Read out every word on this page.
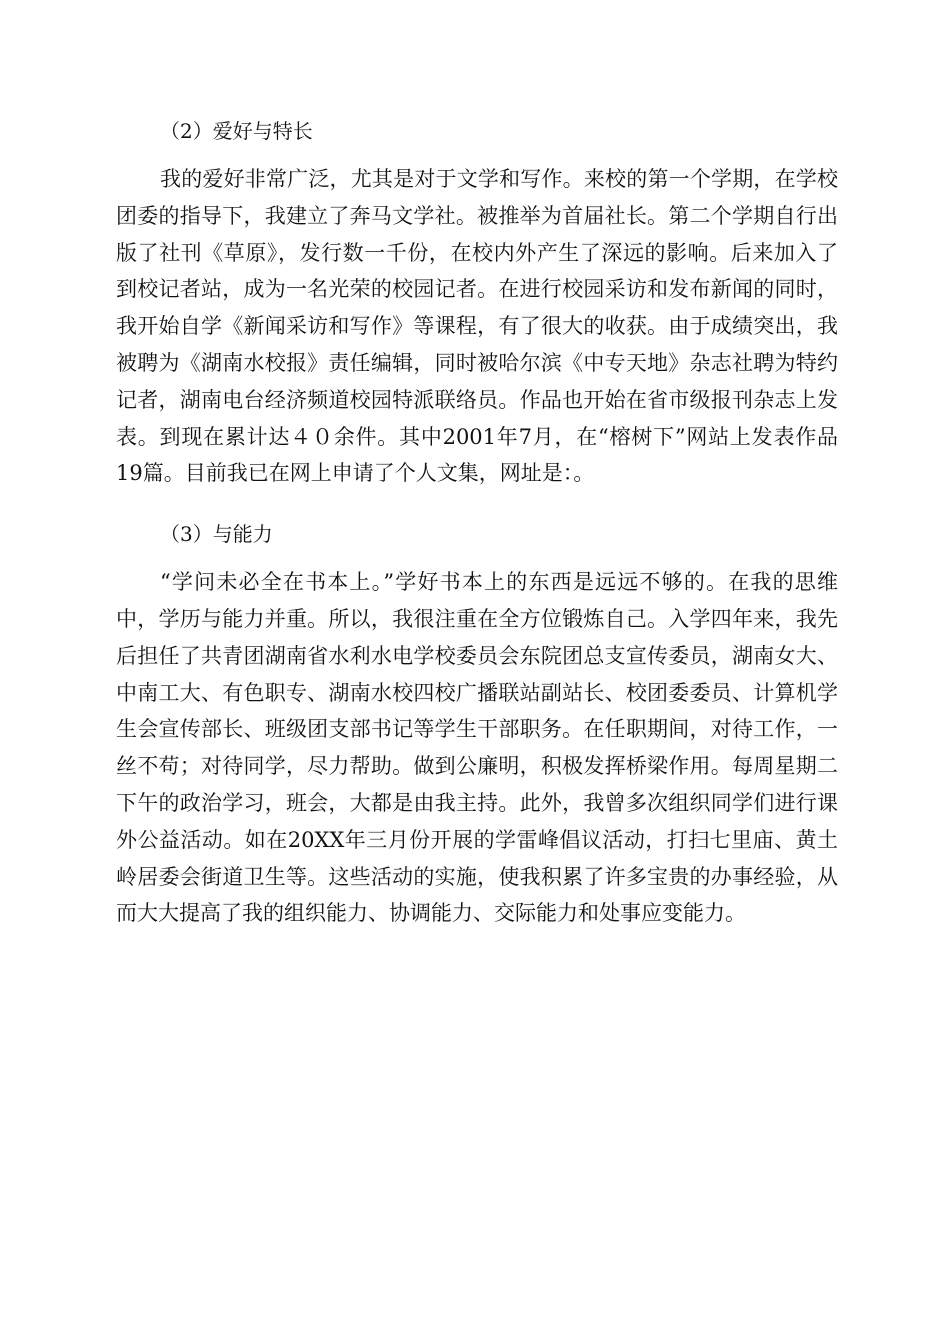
（2）爱好与特长

我的爱好非常广泛，尤其是对于文学和写作。来校的第一个学期，在学校团委的指导下，我建立了奔马文学社。被推举为首届社长。第二个学期自行出版了社刊《草原》，发行数一千份，在校内外产生了深远的影响。后来加入了到校记者站，成为一名光荣的校园记者。在进行校园采访和发布新闻的同时，我开始自学《新闻采访和写作》等课程，有了很大的收获。由于成绩突出，我被聘为《湖南水校报》责任编辑，同时被哈尔滨《中专天地》杂志社聘为特约记者，湖南电台经济频道校园特派联络员。作品也开始在省市级报刊杂志上发表。到现在累计达４０余件。其中2001年7月，在“榕树下”网站上发表作品19篇。目前我已在网上申请了个人文集，网址是：。

（3）与能力

“学问未必全在书本上。”学好书本上的东西是远远不够的。在我的思维中，学历与能力并重。所以，我很注重在全方位锻炼自己。入学四年来，我先后担任了共青团湖南省水利水电学校委员会东院团总支宣传委员，湖南女大、中南工大、有色职专、湖南水校四校广播联站副站长、校团委委员、计算机学生会宣传部长、班级团支部书记等学生干部职务。在任职期间，对待工作，一丝不苟；对待同学，尽力帮助。做到公廉明，积极发挥桥梁作用。每周星期二下午的政治学习，班会，大都是由我主持。此外，我曾多次组织同学们进行课外公益活动。如在20XX年三月份开展的学雷峰倡议活动，打扫七里庙、黄土岭居委会街道卫生等。这些活动的实施，使我积累了许多宝贵的办事经验，从而大大提高了我的组织能力、协调能力、交际能力和处事应变能力。
